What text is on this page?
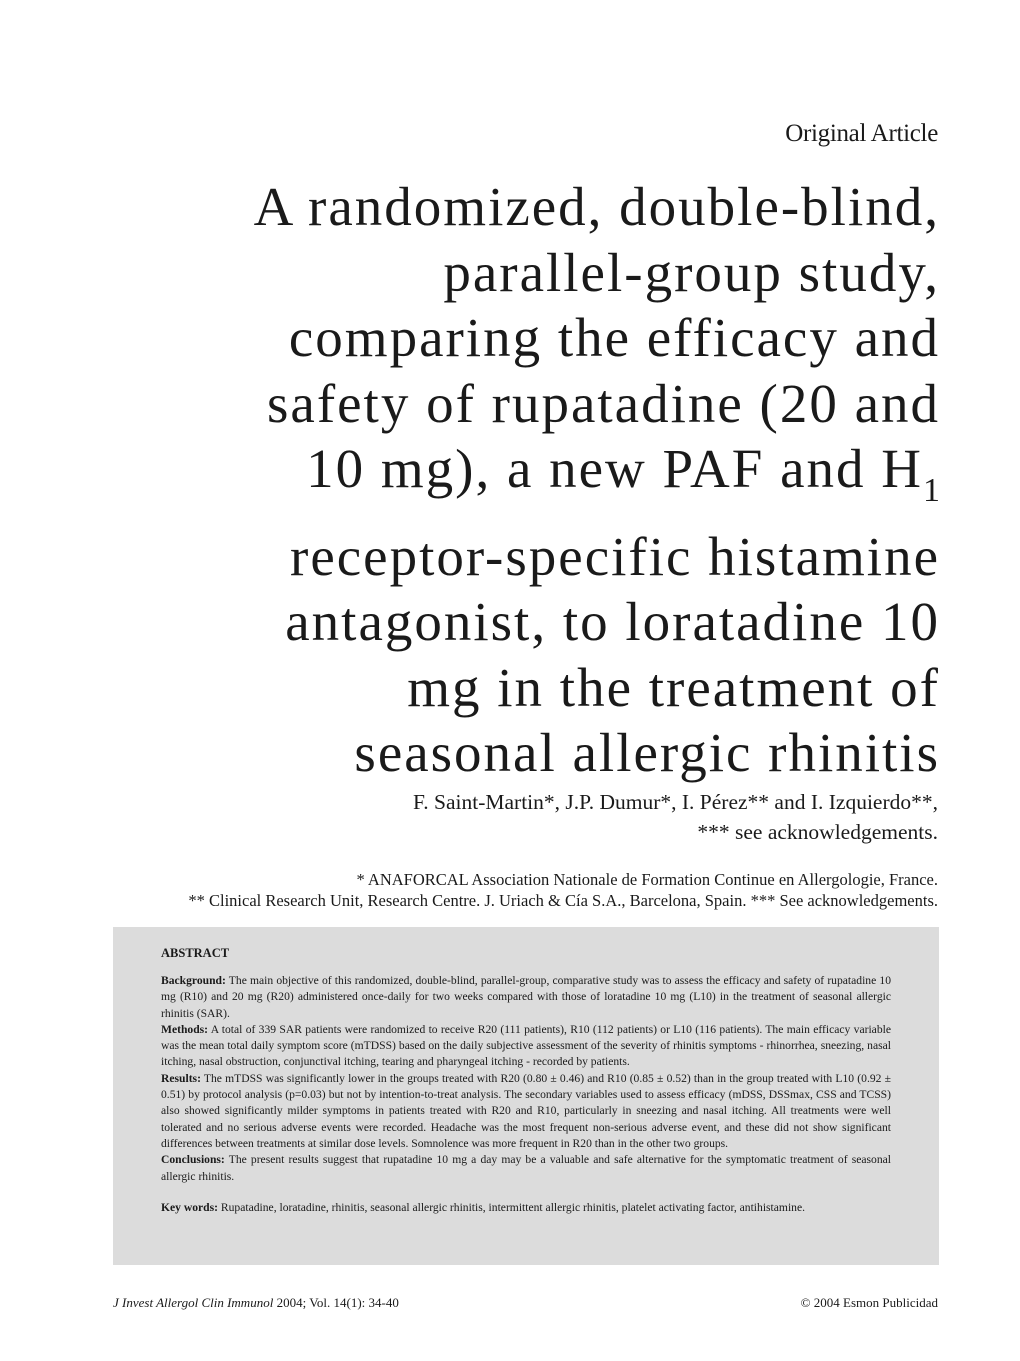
Original Article
A randomized, double-blind,
parallel-group study,
comparing the efficacy and
safety of rupatadine (20 and
10 mg), a new PAF and $H_1$
receptor-specific histamine
antagonist, to loratadine 10
mg in the treatment of
seasonal allergic rhinitis
F. Saint-Martin*, J.P. Dumur*, I. Pérez** and I. Izquierdo**,
*** see acknowledgements.
* ANAFORCAL Association Nationale de Formation Continue en Allergologie, France.
** Clinical Research Unit, Research Centre. J. Uriach & Cía S.A., Barcelona, Spain. *** See acknowledgements.
ABSTRACT

Background: The main objective of this randomized, double-blind, parallel-group, comparative study was to assess the efficacy and safety of rupatadine 10 mg (R10) and 20 mg (R20) administered once-daily for two weeks compared with those of loratadine 10 mg (L10) in the treatment of seasonal allergic rhinitis (SAR).

Methods: A total of 339 SAR patients were randomized to receive R20 (111 patients), R10 (112 patients) or L10 (116 patients). The main efficacy variable was the mean total daily symptom score (mTDSS) based on the daily subjective assessment of the severity of rhinitis symptoms - rhinorrhea, sneezing, nasal itching, nasal obstruction, conjunctival itching, tearing and pharyngeal itching - recorded by patients.

Results: The mTDSS was significantly lower in the groups treated with R20 (0.80 ± 0.46) and R10 (0.85 ± 0.52) than in the group treated with L10 (0.92 ± 0.51) by protocol analysis (p=0.03) but not by intention-to-treat analysis. The secondary variables used to assess efficacy (mDSS, DSSmax, CSS and TCSS) also showed significantly milder symptoms in patients treated with R20 and R10, particularly in sneezing and nasal itching. All treatments were well tolerated and no serious adverse events were recorded. Headache was the most frequent non-serious adverse event, and these did not show significant differences between treatments at similar dose levels. Somnolence was more frequent in R20 than in the other two groups.

Conclusions: The present results suggest that rupatadine 10 mg a day may be a valuable and safe alternative for the symptomatic treatment of seasonal allergic rhinitis.

Key words: Rupatadine, loratadine, rhinitis, seasonal allergic rhinitis, intermittent allergic rhinitis, platelet activating factor, antihistamine.

J Invest Allergol Clin Immunol 2004; Vol. 14(1): 34-40	© 2004 Esmon Publicidad
